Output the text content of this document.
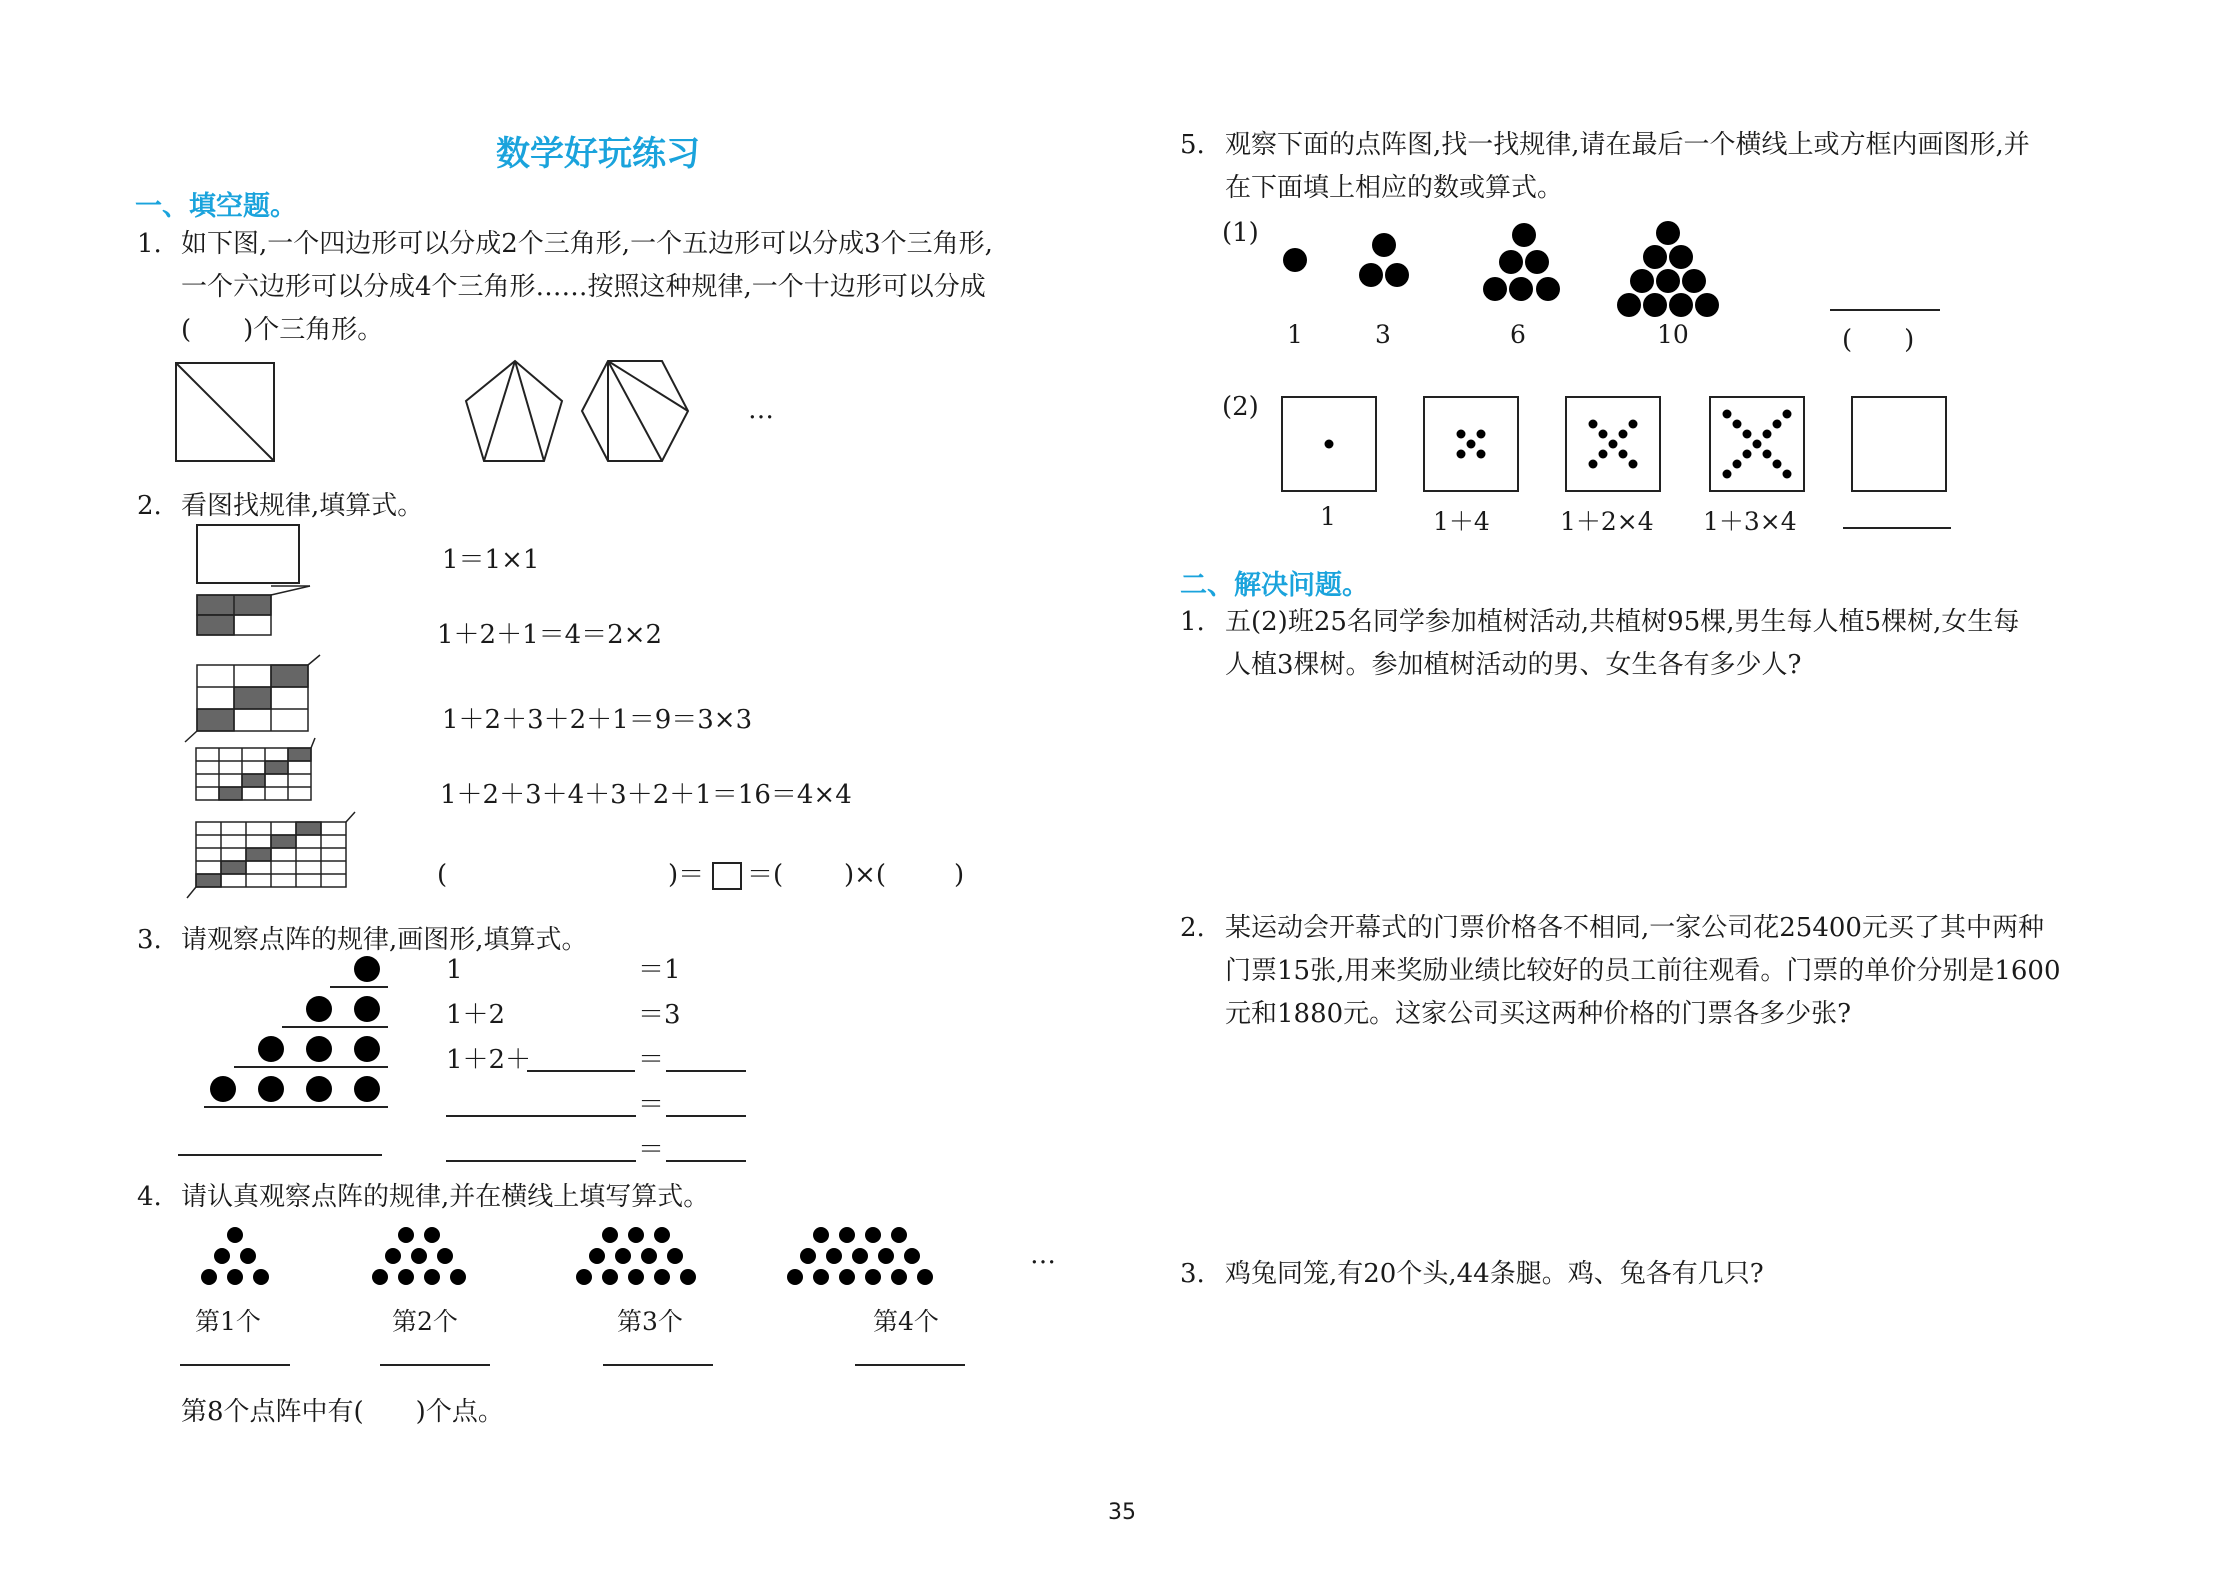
数学好玩练习
一、填空题。
1. 如下图,一个四边形可以分成2个三角形,一个五边形可以分成3个三角形,
一个六边形可以分成4个三角形……按照这种规律,一个十边形可以分成
(　　)个三角形。
…
2. 看图找规律,填算式。
1＝1×1
1＋2＋1＝4＝2×2
1＋2＋3＋2＋1＝9＝3×3
1＋2＋3＋4＋3＋2＋1＝16＝4×4
(	)＝ ＝( )×(	)
3. 请观察点阵的规律,画图形,填算式。
1	＝1
1＋2	＝3
1＋2＋	＝
＝
＝
4. 请认真观察点阵的规律,并在横线上填写算式。
…
第1个	第2个	第3个	第4个
第8个点阵中有(　　)个点。
5. 观察下面的点阵图,找一找规律,请在最后一个横线上或方框内画图形,并
在下面填上相应的数或算式。
(1)
1	3	6	10	(　　)
(2)
1	1＋4	1＋2×4 1＋3×4
二、解决问题。
1. 五(2)班25名同学参加植树活动,共植树95棵,男生每人植5棵树,女生每
人植3棵树。参加植树活动的男、女生各有多少人?
2. 某运动会开幕式的门票价格各不相同,一家公司花25400元买了其中两种
门票15张,用来奖励业绩比较好的员工前往观看。门票的单价分别是1600
元和1880元。这家公司买这两种价格的门票各多少张?
3. 鸡兔同笼,有20个头,44条腿。鸡、兔各有几只?
35
